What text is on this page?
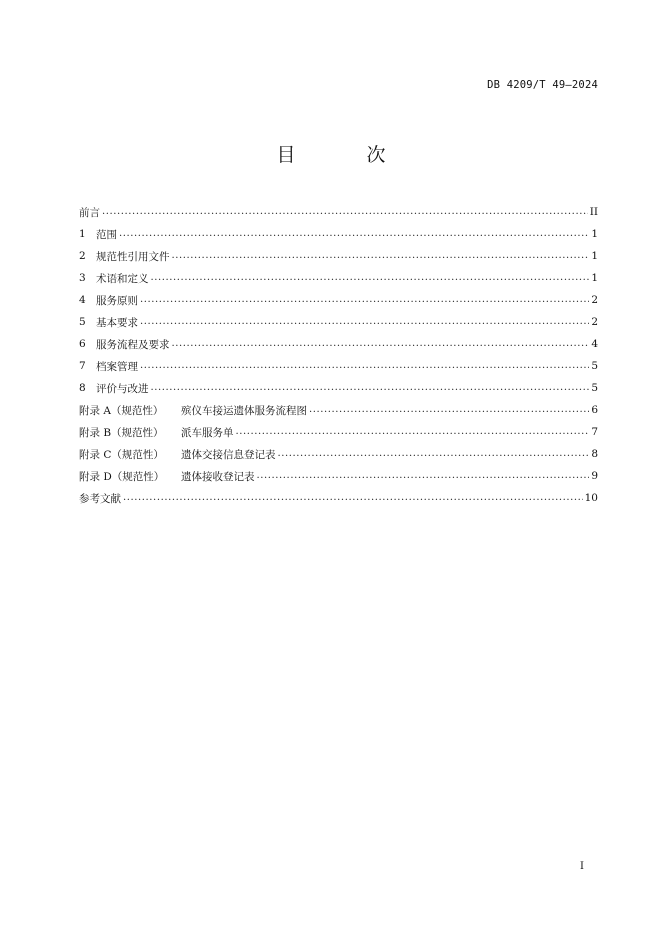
DB 4209/T 49—2024
目　次
前言 . . .	II
1 范围 . . .	1
2 规范性引用文件 . . .	1
3 术语和定义 . . .	1
4 服务原则 . . .	2
5 基本要求 . . .	2
6 服务流程及要求 . . .	4
7 档案管理 . . .	5
8 评价与改进 . . .	5
附录 A（规范性）	殡仪车接运遗体服务流程图 . . .	6
附录 B（规范性）	派车服务单 . . .	7
附录 C（规范性）	遗体交接信息登记表 . . .	8
附录 D（规范性）	遗体接收登记表 . . .	9
参考文献 . . .	10
I
